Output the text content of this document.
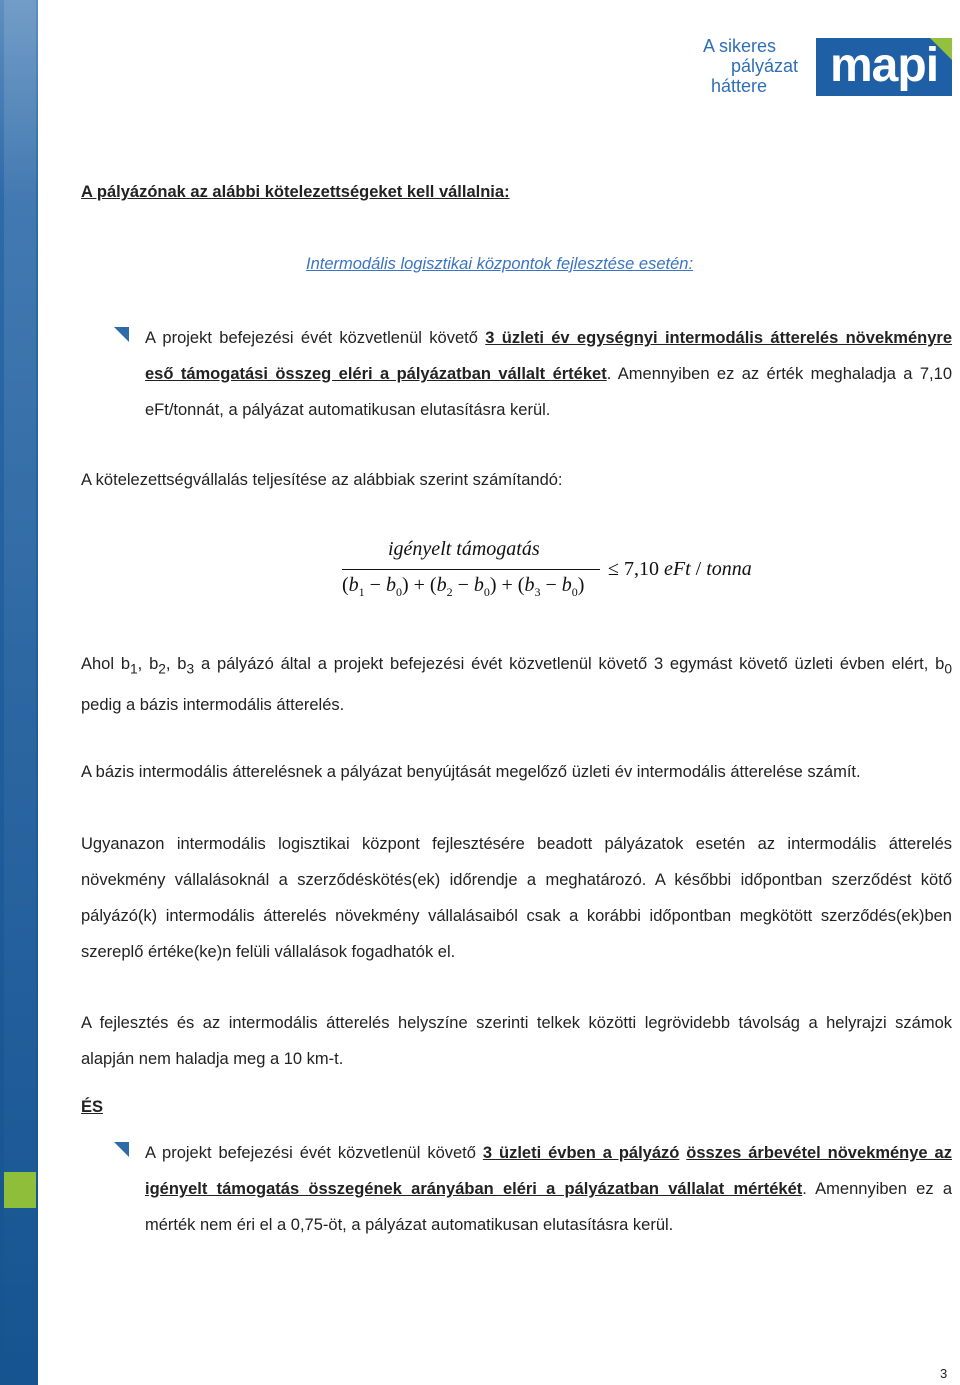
A sikeres
pályázat
háttere	mapi
A pályázónak az alábbi kötelezettségeket kell vállalnia:
Intermodális logisztikai központok fejlesztése esetén:
A projekt befejezési évét közvetlenül követő 3 üzleti év egységnyi intermodális átterelés növekményre eső támogatási összeg eléri a pályázatban vállalt értéket. Amennyiben ez az érték meghaladja a 7,10 eFt/tonnát, a pályázat automatikusan elutasításra kerül.
A kötelezettségvállalás teljesítése az alábbiak szerint számítandó:
igényelt támogatás
$(b_1 - b_0) + (b_2 - b_0) + (b_3 - b_0)$
≤ 7,10 eFt / tonna
Ahol $b_1$, $b_2$, $b_3$ a pályázó által a projekt befejezési évét közvetlenül követő 3 egymást követő üzleti évben elért, $b_0$ pedig a bázis intermodális átterelés.
A bázis intermodális átterelésnek a pályázat benyújtását megelőző üzleti év intermodális átterelése számít.
Ugyanazon intermodális logisztikai központ fejlesztésére beadott pályázatok esetén az intermodális átterelés növekmény vállalásoknál a szerződéskötés(ek) időrendje a meghatározó. A későbbi időpontban szerződést kötő pályázó(k) intermodális átterelés növekmény vállalásaiból csak a korábbi időpontban megkötött szerződés(ek)ben szereplő értéke(ke)n felüli vállalások fogadhatók el.
A fejlesztés és az intermodális átterelés helyszíne szerinti telkek közötti legrövidebb távolság a helyrajzi számok alapján nem haladja meg a 10 km-t.
ÉS
A projekt befejezési évét közvetlenül követő 3 üzleti évben a pályázó összes árbevétel növekménye az igényelt támogatás összegének arányában eléri a pályázatban vállalat mértékét. Amennyiben ez a mérték nem éri el a 0,75-öt, a pályázat automatikusan elutasításra kerül.
3
